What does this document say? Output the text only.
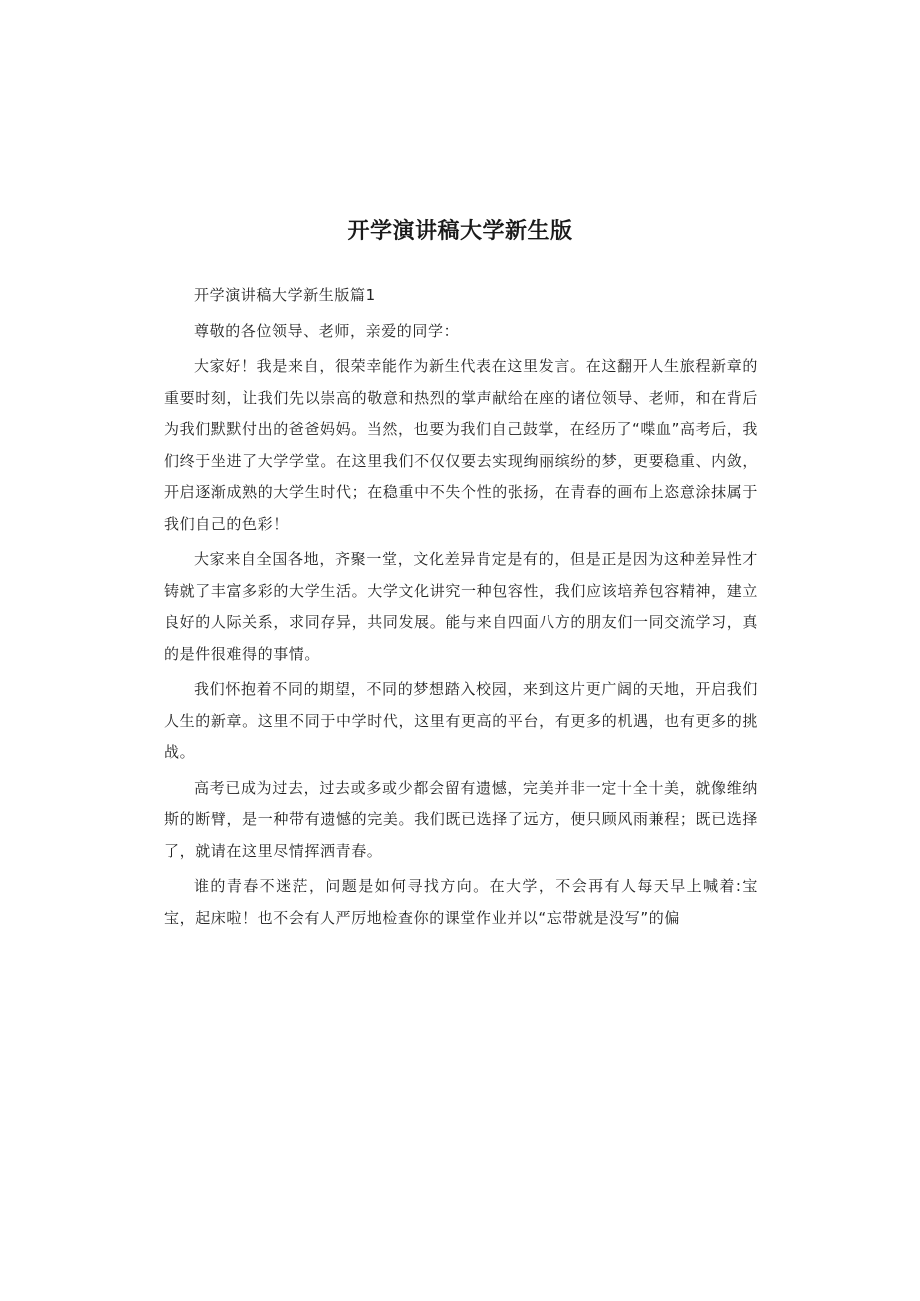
开学演讲稿大学新生版

开学演讲稿大学新生版篇1

尊敬的各位领导、老师，亲爱的同学：

大家好！我是来自，很荣幸能作为新生代表在这里发言。在这翻开人生旅程新章的重要时刻，让我们先以崇高的敬意和热烈的掌声献给在座的诸位领导、老师，和在背后为我们默默付出的爸爸妈妈。当然，也要为我们自己鼓掌，在经历了“喋血”高考后，我们终于坐进了大学学堂。在这里我们不仅仅要去实现绚丽缤纷的梦，更要稳重、内敛，开启逐渐成熟的大学生时代；在稳重中不失个性的张扬，在青春的画布上恣意涂抹属于我们自己的色彩！

大家来自全国各地，齐聚一堂，文化差异肯定是有的，但是正是因为这种差异性才铸就了丰富多彩的大学生活。大学文化讲究一种包容性，我们应该培养包容精神，建立良好的人际关系，求同存异，共同发展。能与来自四面八方的朋友们一同交流学习，真的是件很难得的事情。

我们怀抱着不同的期望，不同的梦想踏入校园，来到这片更广阔的天地，开启我们人生的新章。这里不同于中学时代，这里有更高的平台，有更多的机遇，也有更多的挑战。

高考已成为过去，过去或多或少都会留有遗憾，完美并非一定十全十美，就像维纳斯的断臂，是一种带有遗憾的完美。我们既已选择了远方，便只顾风雨兼程；既已选择了，就请在这里尽情挥洒青春。

谁的青春不迷茫，问题是如何寻找方向。在大学，不会再有人每天早上喊着:宝宝，起床啦！也不会有人严厉地检查你的课堂作业并以“忘带就是没写”的偏
